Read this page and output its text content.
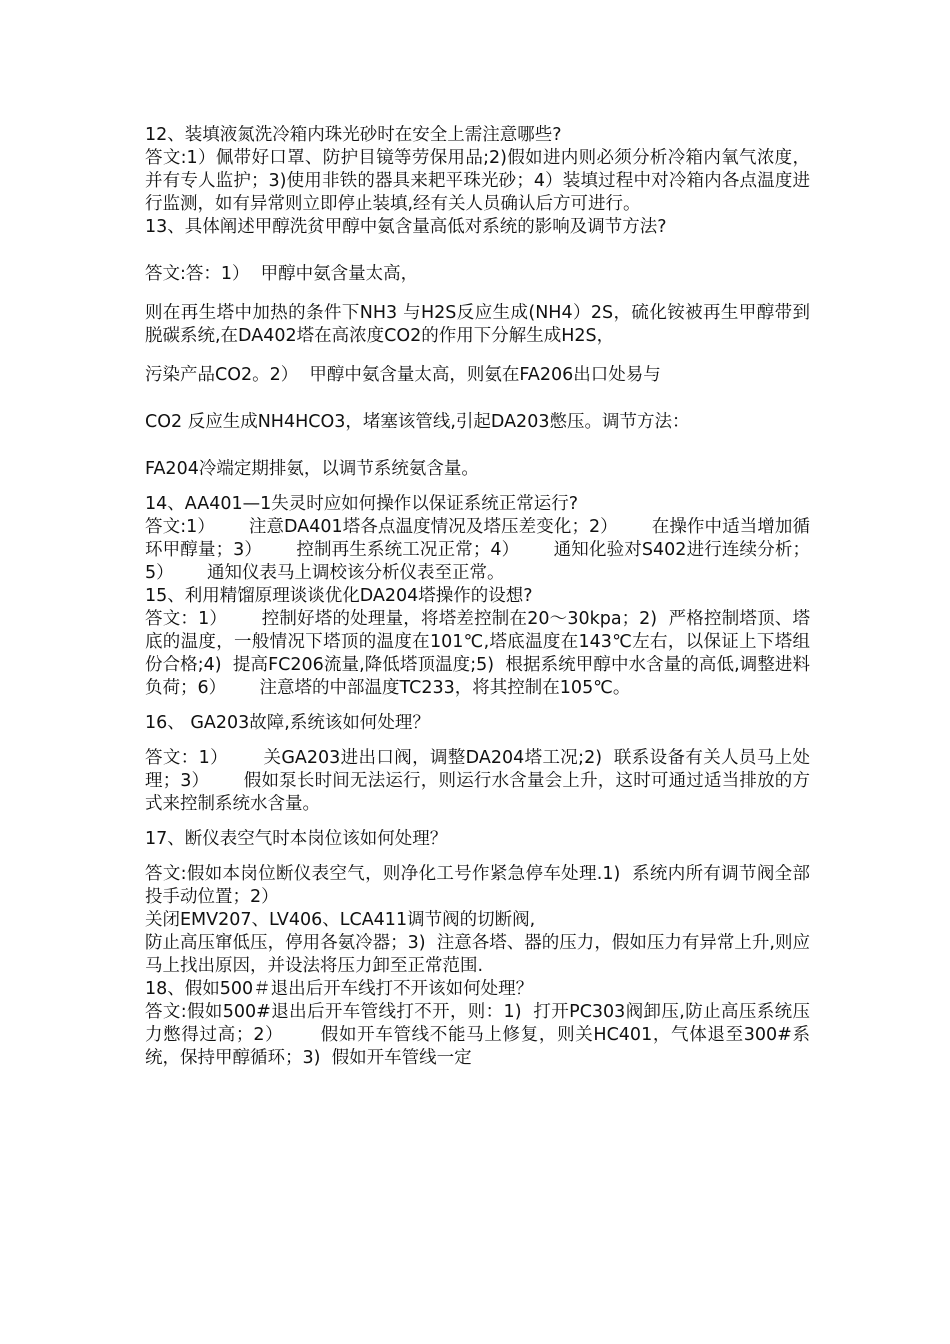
12、装填液氮洗冷箱内珠光砂时在安全上需注意哪些?

答文:1）佩带好口罩、防护目镜等劳保用品;2)假如进内则必须分析冷箱内氧气浓度，并有专人监护；3)使用非铁的器具来耙平珠光砂；4）装填过程中对冷箱内各点温度进行监测，如有异常则立即停止装填,经有关人员确认后方可进行。

13、具体阐述甲醇洗贫甲醇中氨含量高低对系统的影响及调节方法?

答文:答：1）  甲醇中氨含量太高，

则在再生塔中加热的条件下NH3 与H2S反应生成(NH4）2S，硫化铵被再生甲醇带到脱碳系统,在DA402塔在高浓度CO2的作用下分解生成H2S，

污染产品CO2。2）  甲醇中氨含量太高，则氨在FA206出口处易与

CO2 反应生成NH4HCO3，堵塞该管线,引起DA203憋压。调节方法：

FA204冷端定期排氨，以调节系统氨含量。

14、AA401—1失灵时应如何操作以保证系统正常运行?

答文:1）      注意DA401塔各点温度情况及塔压差变化；2）      在操作中适当增加循环甲醇量；3）      控制再生系统工况正常；4）      通知化验对S402进行连续分析；5）      通知仪表马上调校该分析仪表至正常。

15、利用精馏原理谈谈优化DA204塔操作的设想?

答文：1）      控制好塔的处理量，将塔差控制在20～30kpa；2)  严格控制塔顶、塔底的温度，一般情况下塔顶的温度在101℃,塔底温度在143℃左右，以保证上下塔组份合格;4)  提高FC206流量,降低塔顶温度;5)  根据系统甲醇中水含量的高低,调整进料负荷；6）      注意塔的中部温度TC233，将其控制在105℃。

16、 GA203故障,系统该如何处理？

答文：1）      关GA203进出口阀，调整DA204塔工况;2)  联系设备有关人员马上处理；3）      假如泵长时间无法运行，则运行水含量会上升，这时可通过适当排放的方式来控制系统水含量。

17、断仪表空气时本岗位该如何处理？

答文:假如本岗位断仪表空气，则净化工号作紧急停车处理.1)  系统内所有调节阀全部投手动位置；2）

关闭EMV207、LV406、LCA411调节阀的切断阀,

防止高压窜低压，停用各氨冷器；3)  注意各塔、器的压力，假如压力有异常上升,则应马上找出原因，并设法将压力卸至正常范围.

18、假如500＃退出后开车线打不开该如何处理？

答文:假如500#退出后开车管线打不开，则：1)  打开PC303阀卸压,防止高压系统压力憋得过高；2）      假如开车管线不能马上修复，则关HC401，气体退至300#系统，保持甲醇循环；3)  假如开车管线一定
